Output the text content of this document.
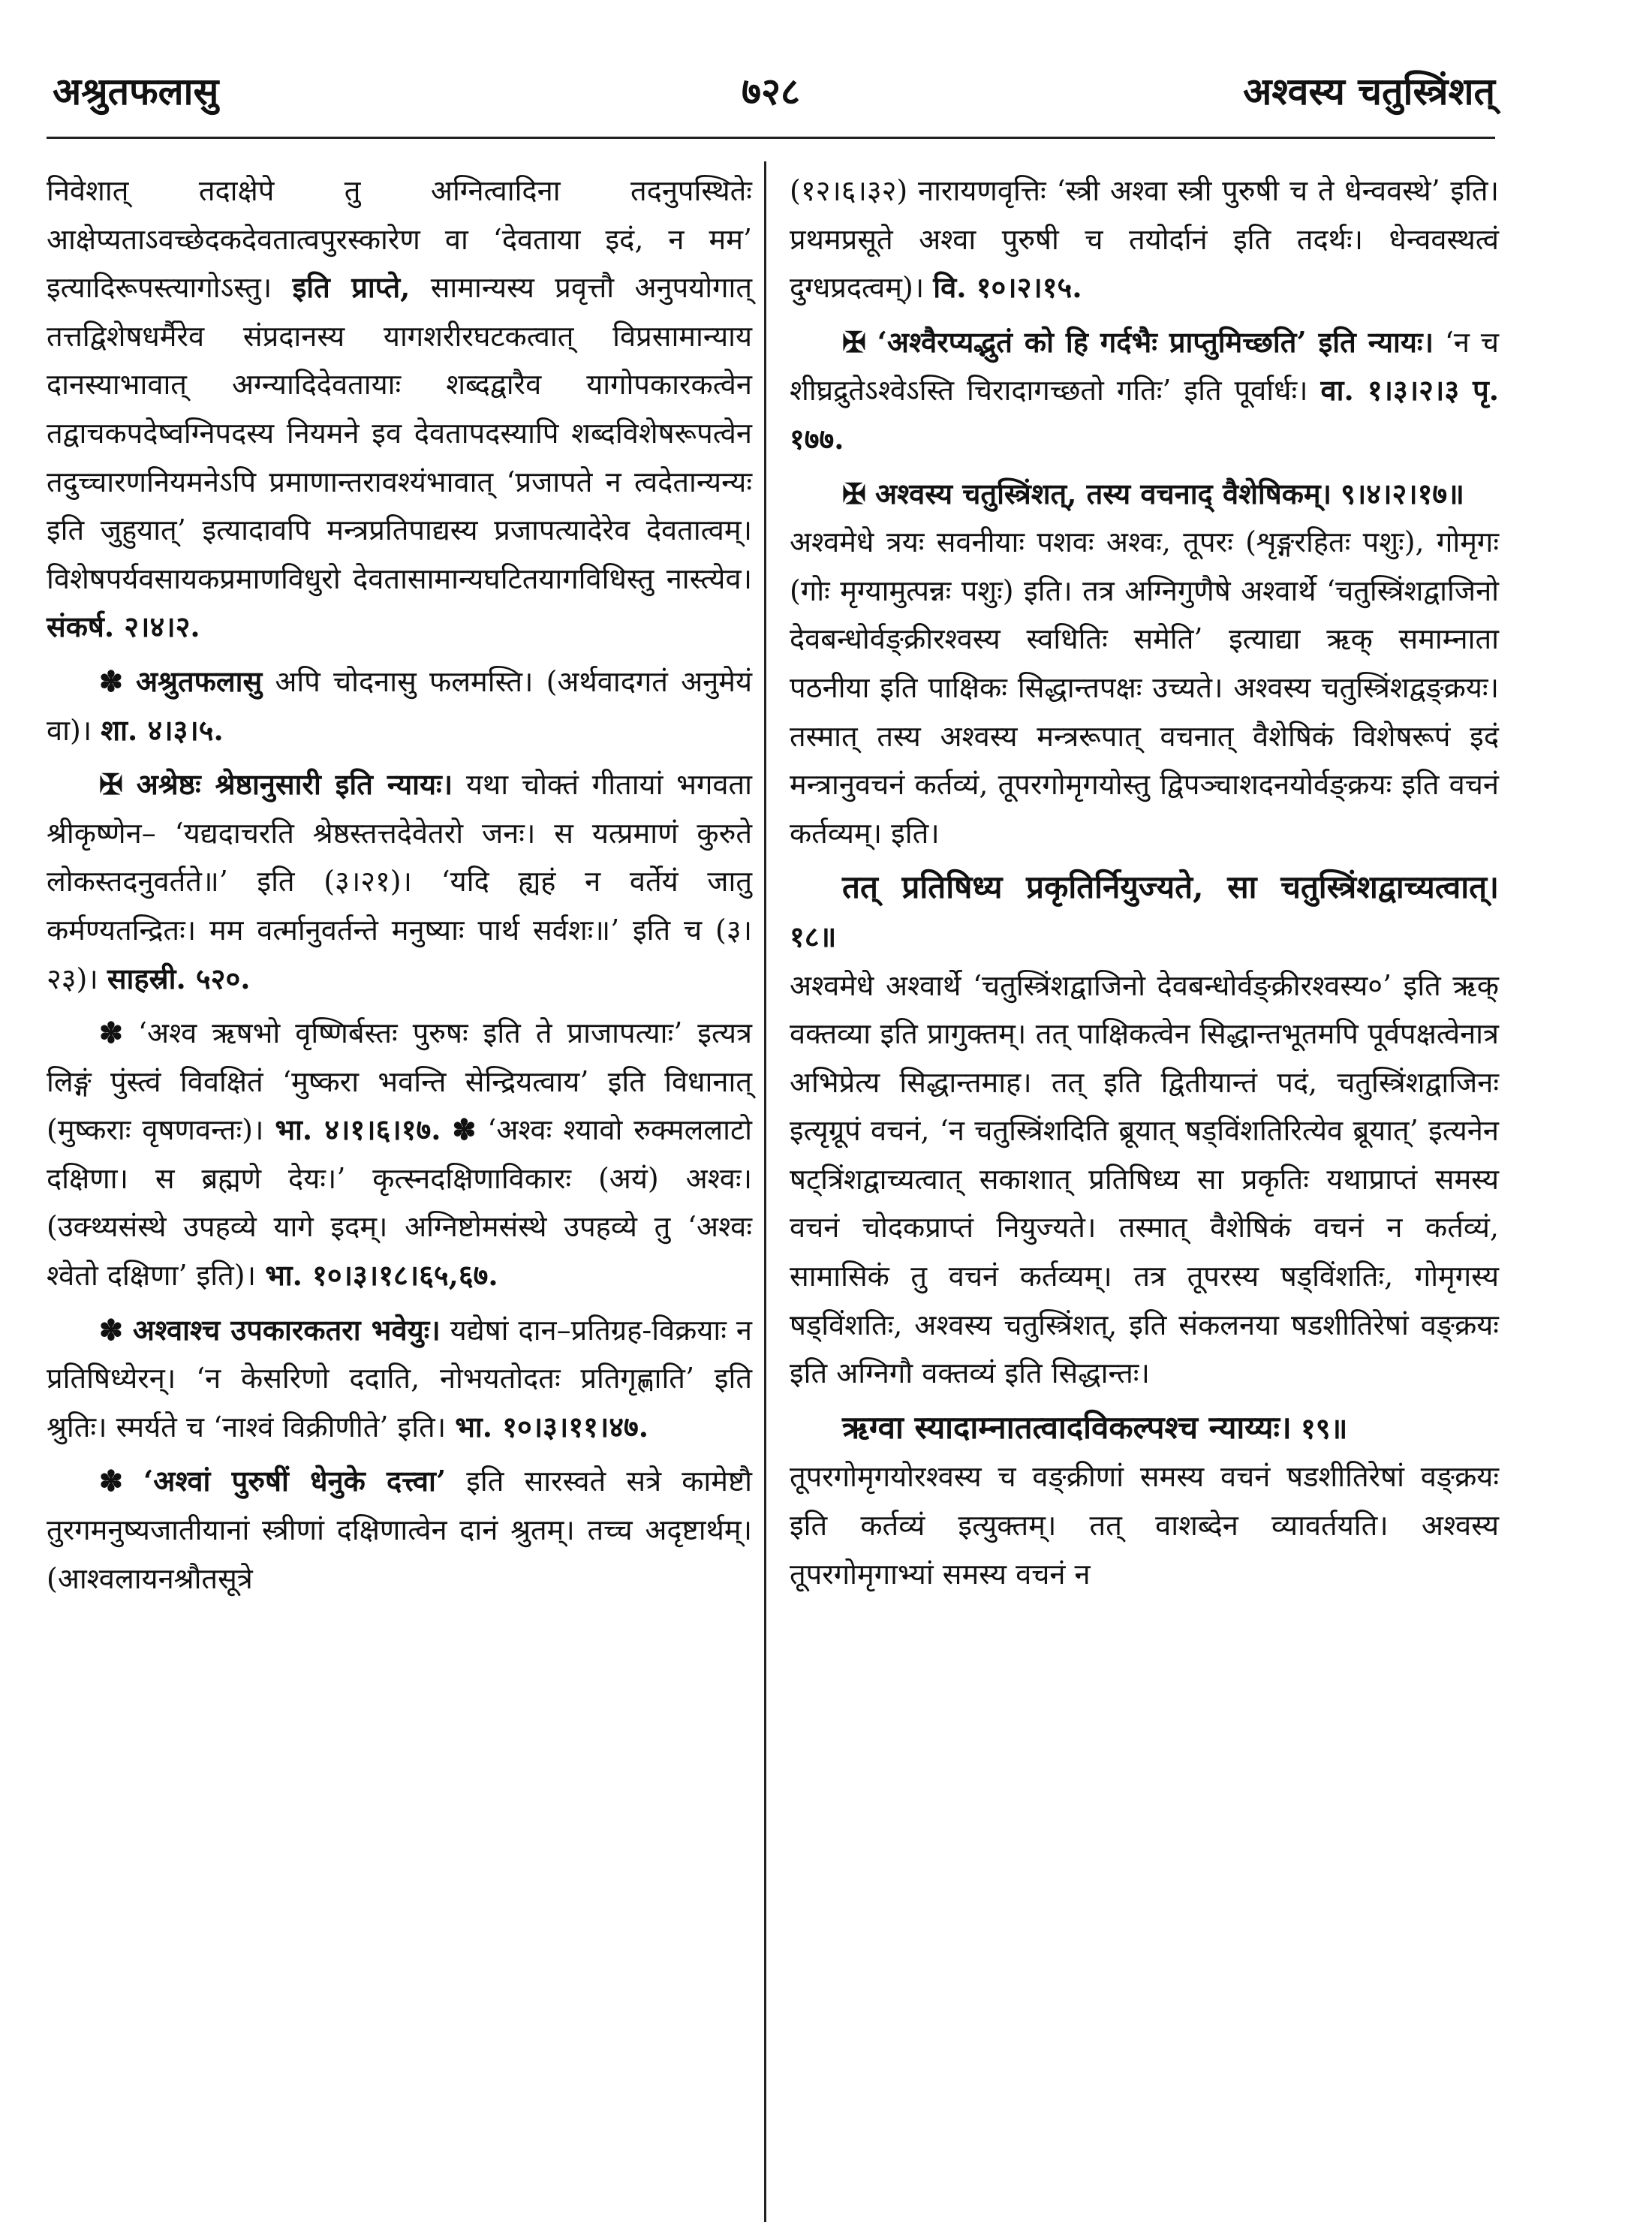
७२८
अश्रुतफलासु	अश्वस्य चतुस्त्रिंशत्

निवेशात् तदाक्षेपे तु अग्नित्वादिना तदनुपस्थितेः आक्षेप्यताऽवच्छेदकदेवतात्वपुरस्कारेण वा ‘देवताया इदं, न मम’ इत्यादिरूपस्त्यागोऽस्तु। इति प्राप्ते, सामान्यस्य प्रवृत्तौ अनुपयोगात् तत्तद्विशेषधर्मैरेव संप्रदानस्य यागशरीरघटकत्वात् विप्रसामान्याय दानस्याभावात् अग्न्यादिदेवतायाः शब्दद्वारैव यागोपकारकत्वेन तद्वाचकपदेष्वग्निपदस्य नियमने इव देवतापदस्यापि शब्दविशेषरूपत्वेन तदुच्चारणनियमनेऽपि प्रमाणान्तरावश्यंभावात् ‘प्रजापते न त्वदेतान्यन्यः इति जुहुयात्’ इत्यादावपि मन्त्रप्रतिपाद्यस्य प्रजापत्यादेरेव देवतात्वम्। विशेषपर्यवसायकप्रमाणविधुरो देवतासामान्यघटितयागविधिस्तु नास्त्येव। संकर्ष. २।४।२.

✽ अश्रुतफलासु अपि चोदनासु फलमस्ति। (अर्थवादगतं अनुमेयं वा)। शा. ४।३।५.

✠ अश्रेष्ठः श्रेष्ठानुसारी इति न्यायः। यथा चोक्तं गीतायां भगवता श्रीकृष्णेन– ‘यद्यदाचरति श्रेष्ठस्तत्तदेवेतरो जनः। स यत्प्रमाणं कुरुते लोकस्तदनुवर्तते॥’ इति (३।२१)। ‘यदि ह्यहं न वर्तेयं जातु कर्मण्यतन्द्रितः। मम वर्त्मानुवर्तन्ते मनुष्याः पार्थ सर्वशः॥’ इति च (३।२३)। साहस्री. ५२०.

✽ ‘अश्व ऋषभो वृष्णिर्बस्तः पुरुषः इति ते प्राजापत्याः’ इत्यत्र लिङ्गं पुंस्त्वं विवक्षितं ‘मुष्करा भवन्ति सेन्द्रियत्वाय’ इति विधानात् (मुष्कराः वृषणवन्तः)। भा. ४।१।६।१७. ✽ ‘अश्वः श्यावो रुक्मललाटो दक्षिणा। स ब्रह्मणे देयः।’ कृत्स्नदक्षिणाविकारः (अयं) अश्वः। (उक्थ्यसंस्थे उपहव्ये यागे इदम्। अग्निष्टोमसंस्थे उपहव्ये तु ‘अश्वः श्वेतो दक्षिणा’ इति)। भा. १०।३।१८।६५,६७.

✽ अश्वाश्च उपकारकतरा भवेयुः। यद्येषां दान–प्रतिग्रह-विक्रयाः न प्रतिषिध्येरन्। ‘न केसरिणो ददाति, नोभयतोदतः प्रतिगृह्णाति’ इति श्रुतिः। स्मर्यते च ‘नाश्वं विक्रीणीते’ इति। भा. १०।३।११।४७.

✽ ‘अश्वां पुरुषीं धेनुके दत्त्वा’ इति सारस्वते सत्रे कामेष्टौ तुरगमनुष्यजातीयानां स्त्रीणां दक्षिणात्वेन दानं श्रुतम्। तच्च अदृष्टार्थम्। (आश्वलायनश्रौतसूत्रे

(१२।६।३२) नारायणवृत्तिः ‘स्त्री अश्वा स्त्री पुरुषी च ते धेन्ववस्थे’ इति। प्रथमप्रसूते अश्वा पुरुषी च तयोर्दानं इति तदर्थः। धेन्ववस्थत्वं दुग्धप्रदत्वम्)। वि. १०।२।१५.

✠ ‘अश्वैरप्यद्भुतं को हि गर्दभैः प्राप्तुमिच्छति’ इति न्यायः। ‘न च शीघ्रद्रुतेऽश्वेऽस्ति चिरादागच्छतो गतिः’ इति पूर्वार्धः। वा. १।३।२।३ पृ. १७७.

✠ अश्वस्य चतुस्त्रिंशत्, तस्य वचनाद् वैशेषिकम्। ९।४।२।१७॥
अश्वमेधे त्रयः सवनीयाः पशवः अश्वः, तूपरः (शृङ्गरहितः पशुः), गोमृगः (गोः मृग्यामुत्पन्नः पशुः) इति। तत्र अग्निगुणैषे अश्वार्थे ‘चतुस्त्रिंशद्वाजिनो देवबन्धोर्वङ्क्रीरश्वस्य स्वधितिः समेति’ इत्याद्या ऋक् समाम्नाता पठनीया इति पाक्षिकः सिद्धान्तपक्षः उच्यते। अश्वस्य चतुस्त्रिंशद्वङ्क्रयः। तस्मात् तस्य अश्वस्य मन्त्ररूपात् वचनात् वैशेषिकं विशेषरूपं इदं मन्त्रानुवचनं कर्तव्यं, तूपरगोमृगयोस्तु द्विपञ्चाशदनयोर्वङ्क्रयः इति वचनं कर्तव्यम्। इति।

तत् प्रतिषिध्य प्रकृतिर्नियुज्यते, सा चतुस्त्रिंशद्वाच्यत्वात्। १८॥
अश्वमेधे अश्वार्थे ‘चतुस्त्रिंशद्वाजिनो देवबन्धोर्वङ्क्रीरश्वस्य०’ इति ऋक् वक्तव्या इति प्रागुक्तम्। तत् पाक्षिकत्वेन सिद्धान्तभूतमपि पूर्वपक्षत्वेनात्र अभिप्रेत्य सिद्धान्तमाह। तत् इति द्वितीयान्तं पदं, चतुस्त्रिंशद्वाजिनः इत्यृग्रूपं वचनं, ‘न चतुस्त्रिंशदिति ब्रूयात् षड्विंशतिरित्येव ब्रूयात्’ इत्यनेन षट्त्रिंशद्वाच्यत्वात् सकाशात् प्रतिषिध्य सा प्रकृतिः यथाप्राप्तं समस्य वचनं चोदकप्राप्तं नियुज्यते। तस्मात् वैशेषिकं वचनं न कर्तव्यं, सामासिकं तु वचनं कर्तव्यम्। तत्र तूपरस्य षड्विंशतिः, गोमृगस्य षड्विंशतिः, अश्वस्य चतुस्त्रिंशत्, इति संकलनया षडशीतिरेषां वङ्क्रयः इति अग्निगौ वक्तव्यं इति सिद्धान्तः।

ऋग्वा स्यादाम्नातत्वादविकल्पश्च न्याय्यः। १९॥
तूपरगोमृगयोरश्वस्य च वङ्क्रीणां समस्य वचनं षडशीतिरेषां वङ्क्रयः इति कर्तव्यं इत्युक्तम्। तत् वाशब्देन व्यावर्तयति। अश्वस्य तूपरगोमृगाभ्यां समस्य वचनं न
